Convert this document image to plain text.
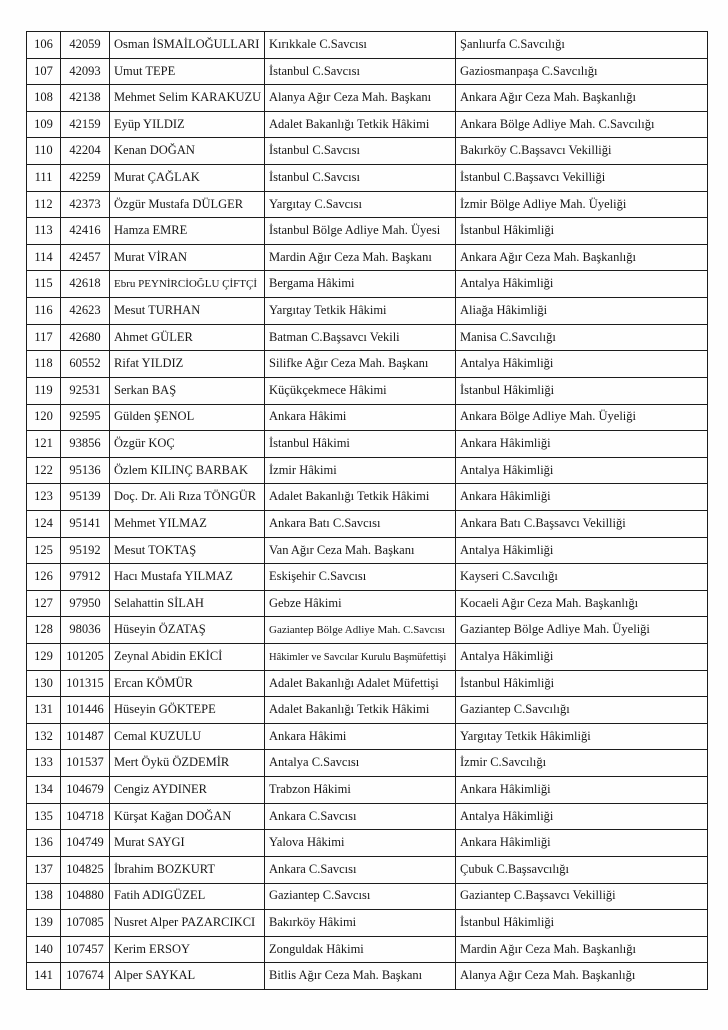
106	42059	Osman İSMAİLOĞULLARI	Kırıkkale C.Savcısı	Şanlıurfa C.Savcılığı
107	42093	Umut TEPE	İstanbul C.Savcısı	Gaziosmanpaşa C.Savcılığı
108	42138	Mehmet Selim KARAKUZU	Alanya Ağır Ceza Mah. Başkanı	Ankara Ağır Ceza Mah. Başkanlığı
109	42159	Eyüp YILDIZ	Adalet Bakanlığı Tetkik Hâkimi	Ankara Bölge Adliye Mah. C.Savcılığı
110	42204	Kenan DOĞAN	İstanbul C.Savcısı	Bakırköy C.Başsavcı Vekilliği
111	42259	Murat ÇAĞLAK	İstanbul C.Savcısı	İstanbul C.Başsavcı Vekilliği
112	42373	Özgür Mustafa DÜLGER	Yargıtay C.Savcısı	İzmir Bölge Adliye Mah. Üyeliği
113	42416	Hamza EMRE	İstanbul Bölge Adliye Mah. Üyesi	İstanbul Hâkimliği
114	42457	Murat VİRAN	Mardin Ağır Ceza Mah. Başkanı	Ankara Ağır Ceza Mah. Başkanlığı
115	42618	Ebru PEYNİRCİOĞLU ÇİFTÇİ	Bergama Hâkimi	Antalya Hâkimliği
116	42623	Mesut TURHAN	Yargıtay Tetkik Hâkimi	Aliağa Hâkimliği
117	42680	Ahmet GÜLER	Batman C.Başsavcı Vekili	Manisa C.Savcılığı
118	60552	Rifat YILDIZ	Silifke Ağır Ceza Mah. Başkanı	Antalya Hâkimliği
119	92531	Serkan BAŞ	Küçükçekmece Hâkimi	İstanbul Hâkimliği
120	92595	Gülden ŞENOL	Ankara Hâkimi	Ankara Bölge Adliye Mah. Üyeliği
121	93856	Özgür KOÇ	İstanbul Hâkimi	Ankara Hâkimliği
122	95136	Özlem KILINÇ BARBAK	İzmir Hâkimi	Antalya Hâkimliği
123	95139	Doç. Dr. Ali Rıza TÖNGÜR	Adalet Bakanlığı Tetkik Hâkimi	Ankara Hâkimliği
124	95141	Mehmet YILMAZ	Ankara Batı C.Savcısı	Ankara Batı C.Başsavcı Vekilliği
125	95192	Mesut TOKTAŞ	Van Ağır Ceza Mah. Başkanı	Antalya Hâkimliği
126	97912	Hacı Mustafa YILMAZ	Eskişehir C.Savcısı	Kayseri C.Savcılığı
127	97950	Selahattin SİLAH	Gebze Hâkimi	Kocaeli Ağır Ceza Mah. Başkanlığı
128	98036	Hüseyin ÖZATAŞ	Gaziantep Bölge Adliye Mah. C.Savcısı	Gaziantep Bölge Adliye Mah. Üyeliği
129	101205	Zeynal Abidin EKİCİ	Hâkimler ve Savcılar Kurulu Başmüfettişi	Antalya Hâkimliği
130	101315	Ercan KÖMÜR	Adalet Bakanlığı Adalet Müfettişi	İstanbul Hâkimliği
131	101446	Hüseyin GÖKTEPE	Adalet Bakanlığı Tetkik Hâkimi	Gaziantep C.Savcılığı
132	101487	Cemal KUZULU	Ankara Hâkimi	Yargıtay Tetkik Hâkimliği
133	101537	Mert Öykü ÖZDEMİR	Antalya C.Savcısı	İzmir C.Savcılığı
134	104679	Cengiz AYDINER	Trabzon Hâkimi	Ankara Hâkimliği
135	104718	Kürşat Kağan DOĞAN	Ankara C.Savcısı	Antalya Hâkimliği
136	104749	Murat SAYGI	Yalova Hâkimi	Ankara Hâkimliği
137	104825	İbrahim BOZKURT	Ankara C.Savcısı	Çubuk C.Başsavcılığı
138	104880	Fatih ADIGÜZEL	Gaziantep C.Savcısı	Gaziantep C.Başsavcı Vekilliği
139	107085	Nusret Alper PAZARCIKCI	Bakırköy Hâkimi	İstanbul Hâkimliği
140	107457	Kerim ERSOY	Zonguldak Hâkimi	Mardin Ağır Ceza Mah. Başkanlığı
141	107674	Alper SAYKAL	Bitlis Ağır Ceza Mah. Başkanı	Alanya Ağır Ceza Mah. Başkanlığı
